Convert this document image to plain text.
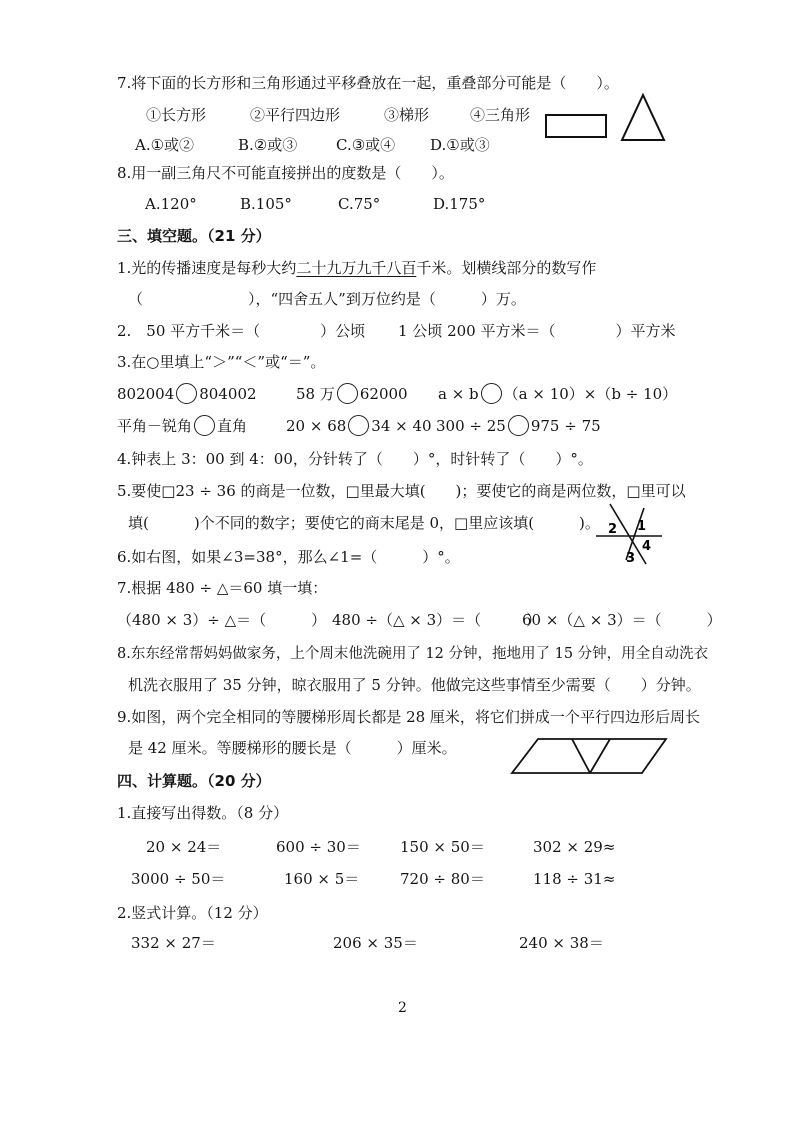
7.将下面的长方形和三角形通过平移叠放在一起，重叠部分可能是（　　）。
①长方形	②平行四边形	③梯形	④三角形
A.①或②	B.②或③	C.③或④ D.①或③
8.用一副三角尺不可能直接拼出的度数是（　　）。
A.120°	B.105°	C.75°	D.175°
三、填空题。（21 分）
1.光的传播速度是每秒大约二十九万九千八百千米。划横线部分的数写作
（　　　　　　　），“四舍五人”到万位约是（　　　）万。
2.　50 平方千米＝（　　　　）公顷 1 公顷 200 平方米＝（　　　　）平方米
3.在○里填上“＞”“＜”或“＝”。
802004 804002	58 万 62000 a × b （a × 10）×（b ÷ 10）
平角－锐角 直角	20 × 68 34 × 40 300 ÷ 25 975 ÷ 75
4.钟表上 3：00 到 4：00，分针转了（　　）°，时针转了（　　）°。
5.要使□23 ÷ 36 的商是一位数，□里最大填(　　)；要使它的商是两位数，□里可以
填(　　　)个不同的数字；要使它的商末尾是 0，□里应该填(　　　)。 2 1
4
3
6.如右图，如果∠3=38°，那么∠1=（　　　）°。
7.根据 480 ÷ △＝60 填一填：
（480 × 3）÷ △＝（　　　） 480 ÷（△ × 3）＝（　　　）
60 ×（△ × 3）＝（　　　）
8.东东经常帮妈妈做家务，上个周末他洗碗用了 12 分钟，拖地用了 15 分钟，用全自动洗衣
机洗衣服用了 35 分钟，晾衣服用了 5 分钟。他做完这些事情至少需要（　　）分钟。
9.如图，两个完全相同的等腰梯形周长都是 28 厘米，将它们拼成一个平行四边形后周长
是 42 厘米。等腰梯形的腰长是（　　　）厘米。
四、计算题。（20 分）
1.直接写出得数。（8 分）
20 × 24＝	600 ÷ 30＝	150 × 50＝	302 × 29≈
3000 ÷ 50＝	160 × 5＝	720 ÷ 80＝	118 ÷ 31≈
2.竖式计算。（12 分）
332 × 27＝	206 × 35＝	240 × 38＝
2
